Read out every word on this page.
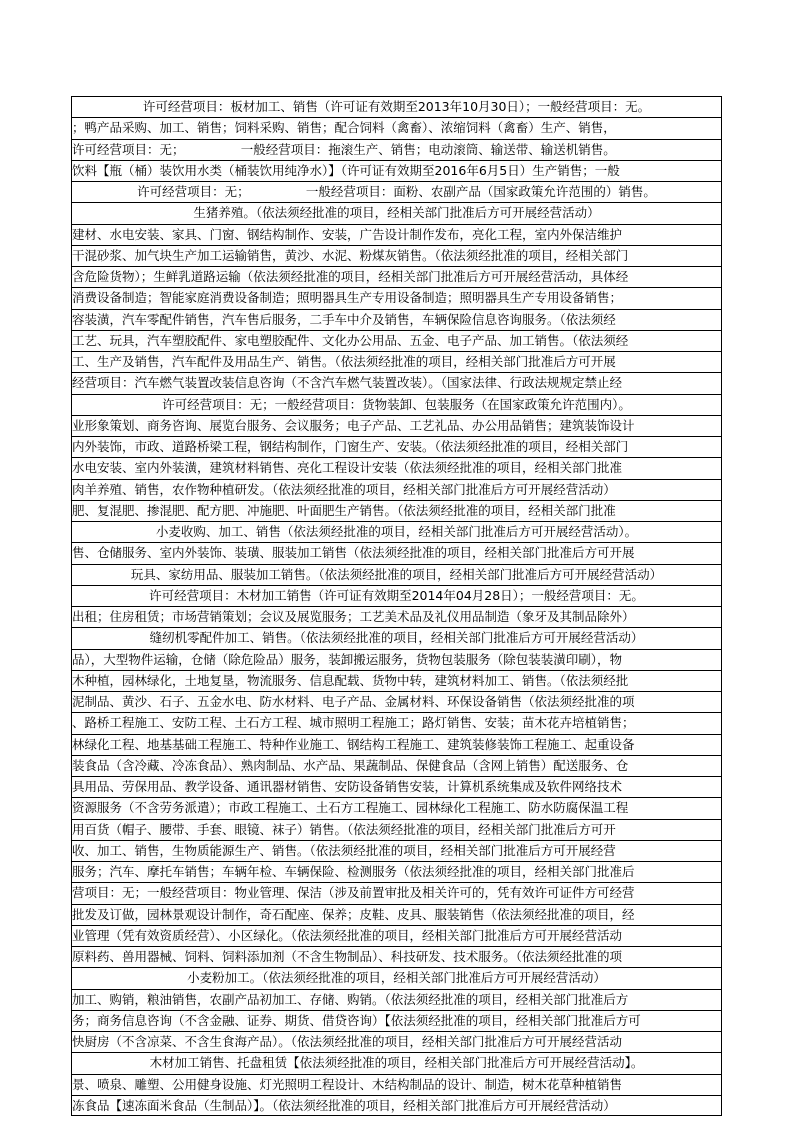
许可经营项目：板材加工、销售（许可证有效期至2013年10月30日）；一般经营项目：无。
；鸭产品采购、加工、销售；饲料采购、销售；配合饲料（禽畜）、浓缩饲料（禽畜）生产、销售，
许可经营项目：无；　　　　　一般经营项目：拖滚生产、销售；电动滚筒、输送带、输送机销售。
饮料【瓶（桶）装饮用水类（桶装饮用纯净水）】（许可证有效期至2016年6月5日）生产销售；一般
许可经营项目：无；　　　　　一般经营项目：面粉、农副产品（国家政策允许范围的）销售。
生猪养殖。（依法须经批准的项目，经相关部门批准后方可开展经营活动）
建材、水电安装、家具、门窗、钢结构制作、安装，广告设计制作发布，亮化工程，室内外保洁维护
干混砂浆、加气块生产加工运输销售，黄沙、水泥、粉煤灰销售。（依法须经批准的项目，经相关部门
含危险货物）；生鲜乳道路运输（依法须经批准的项目，经相关部门批准后方可开展经营活动，具体经
消费设备制造；智能家庭消费设备制造；照明器具生产专用设备制造；照明器具生产专用设备销售；
容装潢，汽车零配件销售，汽车售后服务，二手车中介及销售，车辆保险信息咨询服务。（依法须经
工艺、玩具，汽车塑胶配件、家电塑胶配件、文化办公用品、五金、电子产品、加工销售。（依法须经
工、生产及销售，汽车配件及用品生产、销售。（依法须经批准的项目，经相关部门批准后方可开展
经营项目：汽车燃气装置改装信息咨询（不含汽车燃气装置改装）。（国家法律、行政法规规定禁止经
许可经营项目：无；一般经营项目：货物装卸、包装服务（在国家政策允许范围内）。
业形象策划、商务咨询、展览台服务、会议服务；电子产品、工艺礼品、办公用品销售；建筑装饰设计
内外装饰，市政、道路桥梁工程，钢结构制作，门窗生产、安装。（依法须经批准的项目，经相关部门
水电安装、室内外装潢，建筑材料销售、亮化工程设计安装（依法须经批准的项目，经相关部门批准
肉羊养殖、销售，农作物种植研发。（依法须经批准的项目，经相关部门批准后方可开展经营活动）
肥、复混肥、掺混肥、配方肥、冲施肥、叶面肥生产销售。（依法须经批准的项目，经相关部门批准
小麦收购、加工、销售（依法须经批准的项目，经相关部门批准后方可开展经营活动）。
售、仓储服务、室内外装饰、装璜、服装加工销售（依法须经批准的项目，经相关部门批准后方可开展
玩具、家纺用品、服装加工销售。（依法须经批准的项目，经相关部门批准后方可开展经营活动）
许可经营项目：木材加工销售（许可证有效期至2014年04月28日）；一般经营项目：无。
出租；住房租赁；市场营销策划；会议及展览服务；工艺美术品及礼仪用品制造（象牙及其制品除外）
缝纫机零配件加工、销售。（依法须经批准的项目，经相关部门批准后方可开展经营活动）
品），大型物件运输，仓储（除危险品）服务，装卸搬运服务，货物包装服务（除包装装潢印刷），物
木种植，园林绿化，土地复垦，物流服务、信息配载、货物中转，建筑材料加工、销售。（依法须经批
泥制品、黄沙、石子、五金水电、防水材料、电子产品、金属材料、环保设备销售（依法须经批准的项
、路桥工程施工、安防工程、土石方工程、城市照明工程施工；路灯销售、安装；苗木花卉培植销售；
林绿化工程、地基基础工程施工、特种作业施工、钢结构工程施工、建筑装修装饰工程施工、起重设备
装食品（含冷藏、冷冻食品）、熟肉制品、水产品、果蔬制品、保健食品（含网上销售）配送服务、仓
具用品、劳保用品、教学设备、通讯器材销售、安防设备销售安装，计算机系统集成及软件网络技术
资源服务（不含劳务派遣）；市政工程施工、土石方工程施工、园林绿化工程施工、防水防腐保温工程
用百货（帽子、腰带、手套、眼镜、袜子）销售。（依法须经批准的项目，经相关部门批准后方可开
收、加工、销售，生物质能源生产、销售。（依法须经批准的项目，经相关部门批准后方可开展经营
服务；汽车、摩托车销售；车辆年检、车辆保险、检测服务（依法须经批准的项目，经相关部门批准后
营项目：无；一般经营项目：物业管理、保洁（涉及前置审批及相关许可的，凭有效许可证件方可经营
批发及订做，园林景观设计制作，奇石配座、保养；皮鞋、皮具、服装销售（依法须经批准的项目，经
业管理（凭有效资质经营）、小区绿化。（依法须经批准的项目，经相关部门批准后方可开展经营活动
原料药、兽用器械、饲料、饲料添加剂（不含生物制品）、科技研发、技术服务。（依法须经批准的项
小麦粉加工。（依法须经批准的项目，经相关部门批准后方可开展经营活动）
加工、购销，粮油销售，农副产品初加工、存储、购销。（依法须经批准的项目，经相关部门批准后方
务；商务信息咨询（不含金融、证券、期货、借贷咨询）【依法须经批准的项目，经相关部门批准后方可
快厨房（不含凉菜、不含生食海产品）。（依法须经批准的项目，经相关部门批准后方可开展经营活动
木材加工销售、托盘租赁【依法须经批准的项目，经相关部门批准后方可开展经营活动】。
景、喷泉、雕塑、公用健身设施、灯光照明工程设计、木结构制品的设计、制造，树木花草种植销售
冻食品【速冻面米食品（生制品）】。（依法须经批准的项目，经相关部门批准后方可开展经营活动）
